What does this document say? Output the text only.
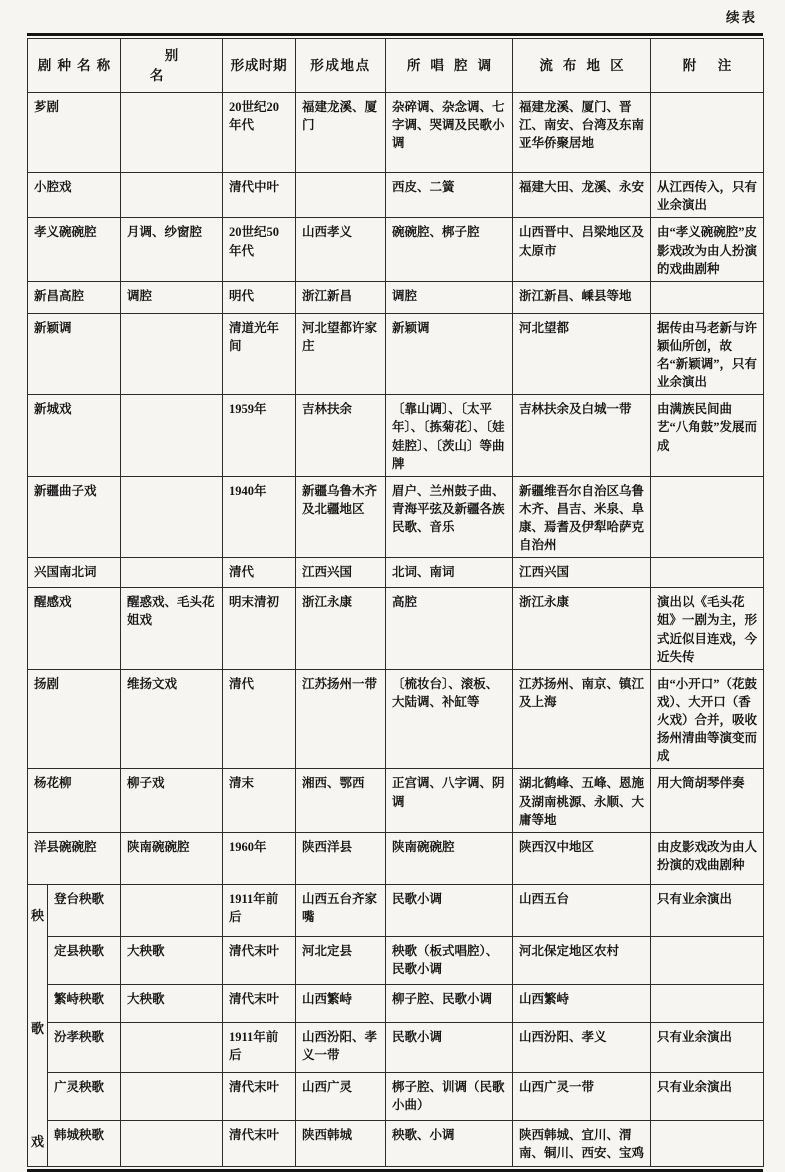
续表
剧种名称		别名	形成时期	形成地点	所唱腔调	流布地区	附注
芗剧			20世纪20年代	福建龙溪、厦门	杂碎调、杂念调、七字调、哭调及民歌小调	福建龙溪、厦门、晋江、南安、台湾及东南亚华侨聚居地	
小腔戏			清代中叶		西皮、二簧	福建大田、龙溪、永安	从江西传入，只有业余演出
孝义碗碗腔		月调、纱窗腔	20世纪50年代	山西孝义	碗碗腔、梆子腔	山西晋中、吕梁地区及太原市	由“孝义碗碗腔”皮影戏改为由人扮演的戏曲剧种
新昌高腔		调腔	明代	浙江新昌	调腔	浙江新昌、嵊县等地	
新颖调			清道光年间	河北望都许家庄	新颖调	河北望都	据传由马老新与许颖仙所创，故名“新颖调”，只有业余演出
新城戏			1959年	吉林扶余	〔靠山调〕、〔太平年〕、〔拣菊花〕、〔娃娃腔〕、〔茨山〕等曲牌	吉林扶余及白城一带	由满族民间曲艺“八角鼓”发展而成
新疆曲子戏			1940年	新疆乌鲁木齐及北疆地区	眉户、兰州鼓子曲、青海平弦及新疆各族民歌、音乐	新疆维吾尔自治区乌鲁木齐、昌吉、米泉、阜康、焉耆及伊犁哈萨克自治州	
兴国南北词			清代	江西兴国	北词、南词	江西兴国	
醒感戏		醒惑戏、毛头花姐戏	明末清初	浙江永康	高腔	浙江永康	演出以《毛头花姐》一剧为主，形式近似目连戏，今近失传
扬剧		维扬文戏	清代	江苏扬州一带	〔梳妆台〕、滚板、大陆调、补缸等	江苏扬州、南京、镇江及上海	由“小开口”（花鼓戏）、大开口（香火戏）合并，吸收扬州清曲等演变而成
杨花柳		柳子戏	清末	湘西、鄂西	正宫调、八字调、阴调	湖北鹤峰、五峰、恩施及湖南桃源、永顺、大庸等地	用大筒胡琴伴奏
洋县碗碗腔		陕南碗碗腔	1960年	陕西洋县	陕南碗碗腔	陕西汉中地区	由皮影戏改为由人扮演的戏曲剧种

秧
歌
戏	登台秧歌		1911年前后	山西五台齐家嘴	民歌小调	山西五台	只有业余演出
	定县秧歌	大秧歌	清代末叶	河北定县	秧歌（板式唱腔）、民歌小调	河北保定地区农村	
	繁峙秧歌	大秧歌	清代末叶	山西繁峙	柳子腔、民歌小调	山西繁峙	
	汾孝秧歌		1911年前后	山西汾阳、孝义一带	民歌小调	山西汾阳、孝义	只有业余演出
	广灵秧歌		清代末叶	山西广灵	梆子腔、训调（民歌小曲）	山西广灵一带	只有业余演出
	韩城秧歌		清代末叶	陕西韩城	秧歌、小调	陕西韩城、宜川、渭南、铜川、西安、宝鸡	
